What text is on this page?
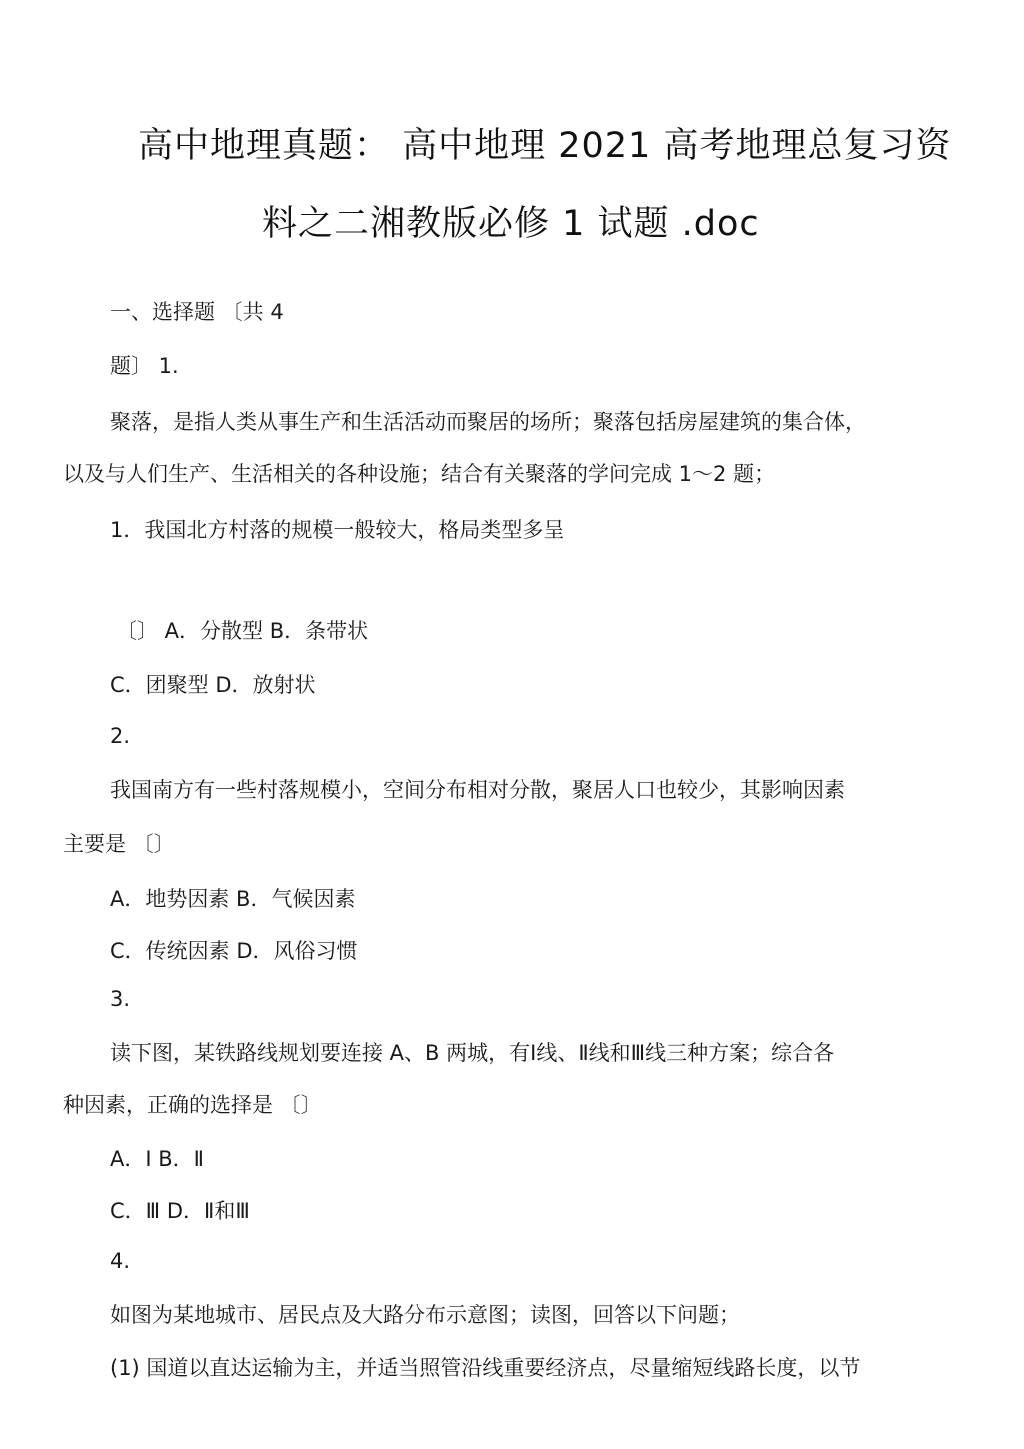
高中地理真题： 高中地理 2021 高考地理总复习资
料之二湘教版必修 1 试题 .doc
一、选择题 〔共 4
题〕 1.
聚落，是指人类从事生产和生活活动而聚居的场所；聚落包括房屋建筑的集合体，
以及与人们生产、生活相关的各种设施；结合有关聚落的学问完成 1～2 题；
1．我国北方村落的规模一般较大，格局类型多呈
〔〕 A．分散型 B．条带状
C．团聚型 D．放射状
2.
我国南方有一些村落规模小，空间分布相对分散，聚居人口也较少，其影响因素
主要是 〔〕
A．地势因素 B．气候因素
C．传统因素 D．风俗习惯
3.
读下图，某铁路线规划要连接 A、B 两城，有Ⅰ线、Ⅱ线和Ⅲ线三种方案；综合各
种因素，正确的选择是 〔〕
A．Ⅰ B．Ⅱ
C．Ⅲ D．Ⅱ和Ⅲ
4.
如图为某地城市、居民点及大路分布示意图；读图，回答以下问题；
(1) 国道以直达运输为主，并适当照管沿线重要经济点，尽量缩短线路长度，以节
